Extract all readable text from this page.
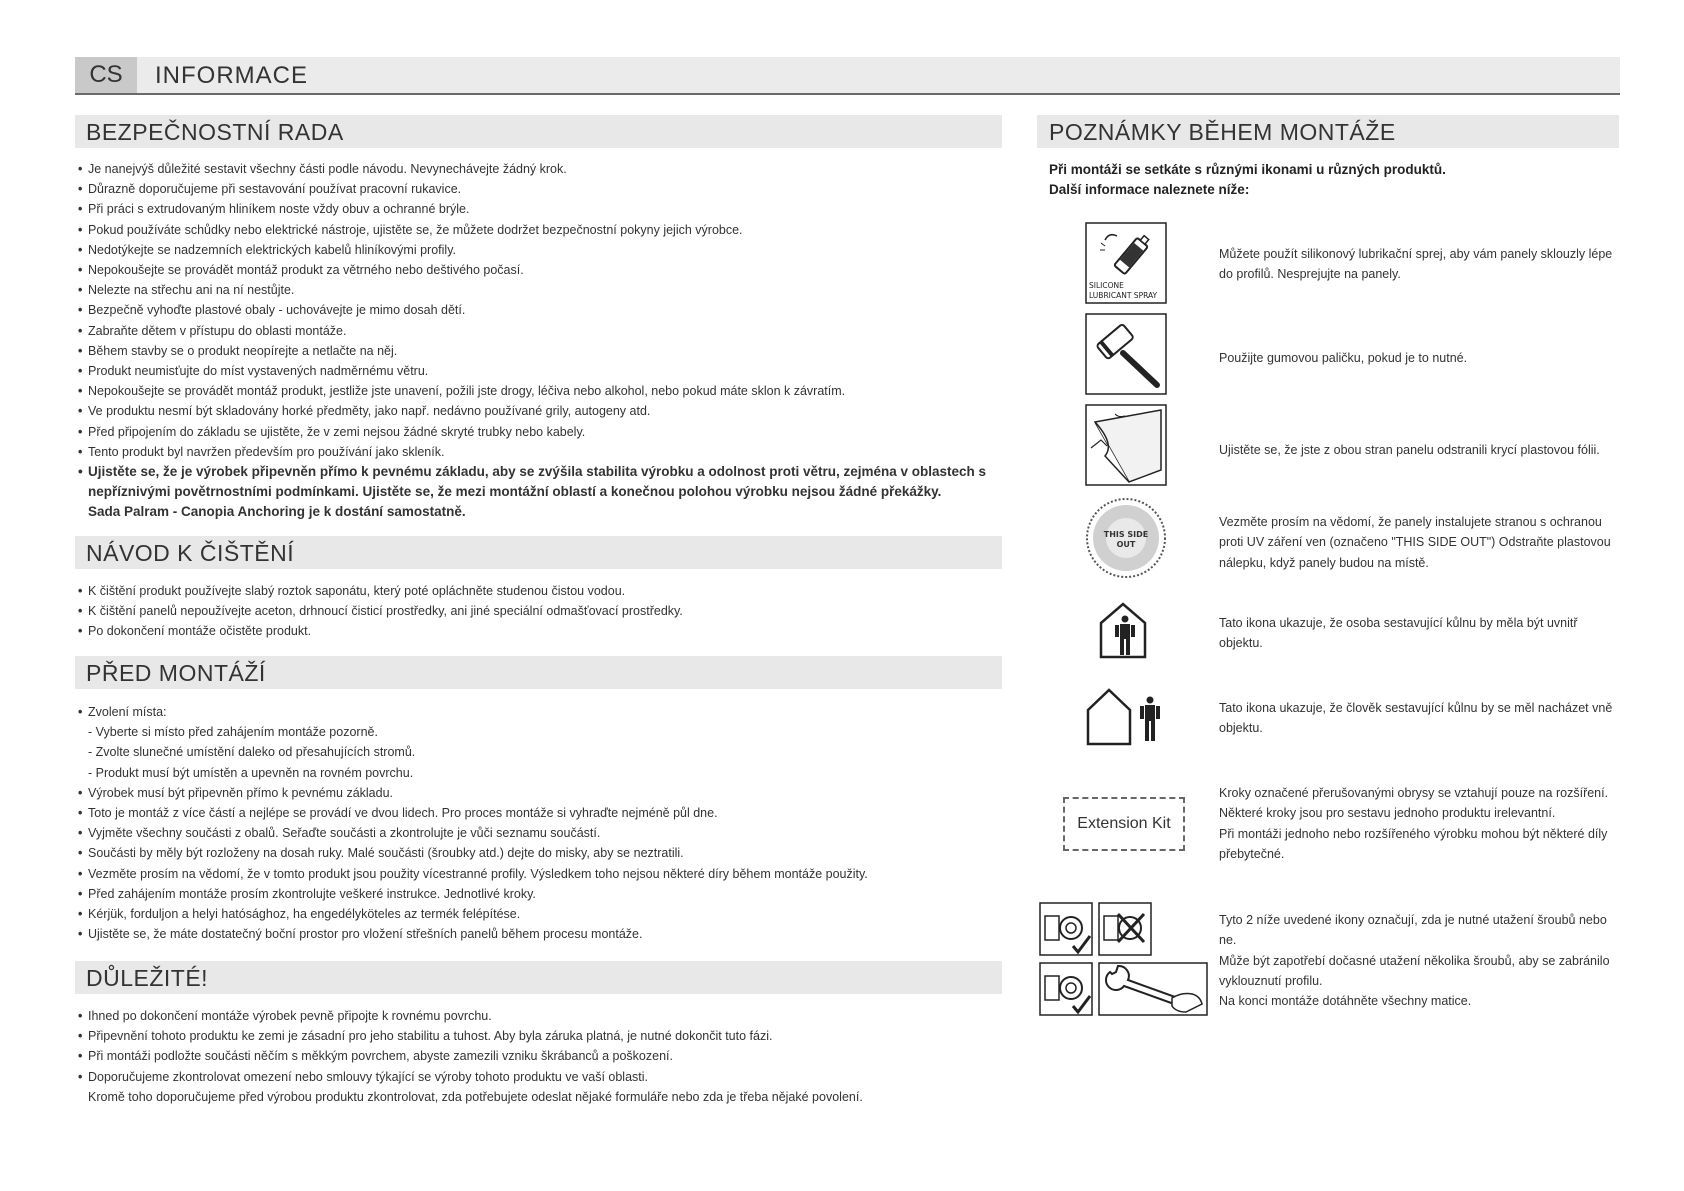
CS	INFORMACE
BEZPEČNOSTNÍ RADA
• Je nanejvýš důležité sestavit všechny části podle návodu. Nevynechávejte žádný krok.
• Důrazně doporučujeme při sestavování používat pracovní rukavice.
• Při práci s extrudovaným hliníkem noste vždy obuv a ochranné brýle.
• Pokud používáte schůdky nebo elektrické nástroje, ujistěte se, že můžete dodržet bezpečnostní pokyny jejich výrobce.
• Nedotýkejte se nadzemních elektrických kabelů hliníkovými profily.
• Nepokoušejte se provádět montáž produkt za větrného nebo deštivého počasí.
• Nelezte na střechu ani na ní nestůjte.
• Bezpečně vyhoďte plastové obaly - uchovávejte je mimo dosah dětí.
• Zabraňte dětem v přístupu do oblasti montáže.
• Během stavby se o produkt neopírejte a netlačte na něj.
• Produkt neumisťujte do míst vystavených nadměrnému větru.
• Nepokoušejte se provádět montáž produkt, jestliže jste unavení, požili jste drogy, léčiva nebo alkohol, nebo pokud máte sklon k závratím.
• Ve produktu nesmí být skladovány horké předměty, jako např. nedávno používané grily, autogeny atd.
• Před připojením do základu se ujistěte, že v zemi nejsou žádné skryté trubky nebo kabely.
• Tento produkt byl navržen především pro používání jako skleník.
• Ujistěte se, že je výrobek připevněn přímo k pevnému základu, aby se zvýšila stabilita výrobku a odolnost proti větru, zejména v oblastech s nepříznivými povětrnostními podmínkami. Ujistěte se, že mezi montážní oblastí a konečnou polohou výrobku nejsou žádné překážky.
Sada Palram - Canopia Anchoring je k dostání samostatně.
NÁVOD K ČIŠTĚNÍ
• K čištění produkt používejte slabý roztok saponátu, který poté opláchněte studenou čistou vodou.
• K čištění panelů nepoužívejte aceton, drhnoucí čisticí prostředky, ani jiné speciální odmašťovací prostředky.
• Po dokončení montáže očistěte produkt.
PŘED MONTÁŽÍ
• Zvolení místa:
- Vyberte si místo před zahájením montáže pozorně.
- Zvolte slunečné umístění daleko od přesahujících stromů.
- Produkt musí být umístěn a upevněn na rovném povrchu.
• Výrobek musí být připevněn přímo k pevnému základu.
• Toto je montáž z více částí a nejlépe se provádí ve dvou lidech. Pro proces montáže si vyhraďte nejméně půl dne.
• Vyjměte všechny součásti z obalů. Seřaďte součásti a zkontrolujte je vůči seznamu součástí.
• Součásti by měly být rozloženy na dosah ruky. Malé součásti (šroubky atd.) dejte do misky, aby se neztratili.
• Vezměte prosím na vědomí, že v tomto produkt jsou použity vícestranné profily. Výsledkem toho nejsou některé díry během montáže použity.
• Před zahájením montáže prosím zkontrolujte veškeré instrukce. Jednotlivé kroky.
• Kérjük, forduljon a helyi hatósághoz, ha engedélyköteles az termék felépítése.
• Ujistěte se, že máte dostatečný boční prostor pro vložení střešních panelů během procesu montáže.
DŮLEŽITÉ!
• Ihned po dokončení montáže výrobek pevně připojte k rovnému povrchu.
• Připevnění tohoto produktu ke zemi je zásadní pro jeho stabilitu a tuhost. Aby byla záruka platná, je nutné dokončit tuto fázi.
• Při montáži podložte součásti něčím s měkkým povrchem, abyste zamezili vzniku škrábanců a poškození.
• Doporučujeme zkontrolovat omezení nebo smlouvy týkající se výroby tohoto produktu ve vaší oblasti.
Kromě toho doporučujeme před výrobou produktu zkontrolovat, zda potřebujete odeslat nějaké formuláře nebo zda je třeba nějaké povolení.
POZNÁMKY BĚHEM MONTÁŽE
Při montáži se setkáte s různými ikonami u různých produktů.
Další informace naleznete níže:
SILICONE
LUBRICANT SPRAY

Můžete použít silikonový lubrikační sprej, aby vám panely sklouzly lépe do profilů. Nesprejujte na panely.

Použijte gumovou paličku, pokud je to nutné.

Ujistěte se, že jste z obou stran panelu odstranili krycí plastovou fólii.

THIS SIDE
OUT

Vezměte prosím na vědomí, že panely instalujete stranou s ochranou proti UV záření ven (označeno "THIS SIDE OUT") Odstraňte plastovou nálepku, když panely budou na místě.

Tato ikona ukazuje, že osoba sestavující kůlnu by měla být uvnitř objektu.

Tato ikona ukazuje, že člověk sestavující kůlnu by se měl nacházet vně objektu.

Extension Kit

Kroky označené přerušovanými obrysy se vztahují pouze na rozšíření.

Některé kroky jsou pro sestavu jednoho produktu irelevantní.

Při montáži jednoho nebo rozšířeného výrobku mohou být některé díly přebytečné.

Tyto 2 níže uvedené ikony označují, zda je nutné utažení šroubů nebo ne.

Může být zapotřebí dočasné utažení několika šroubů, aby se zabránilo vyklouznutí profilu.

Na konci montáže dotáhněte všechny matice.
